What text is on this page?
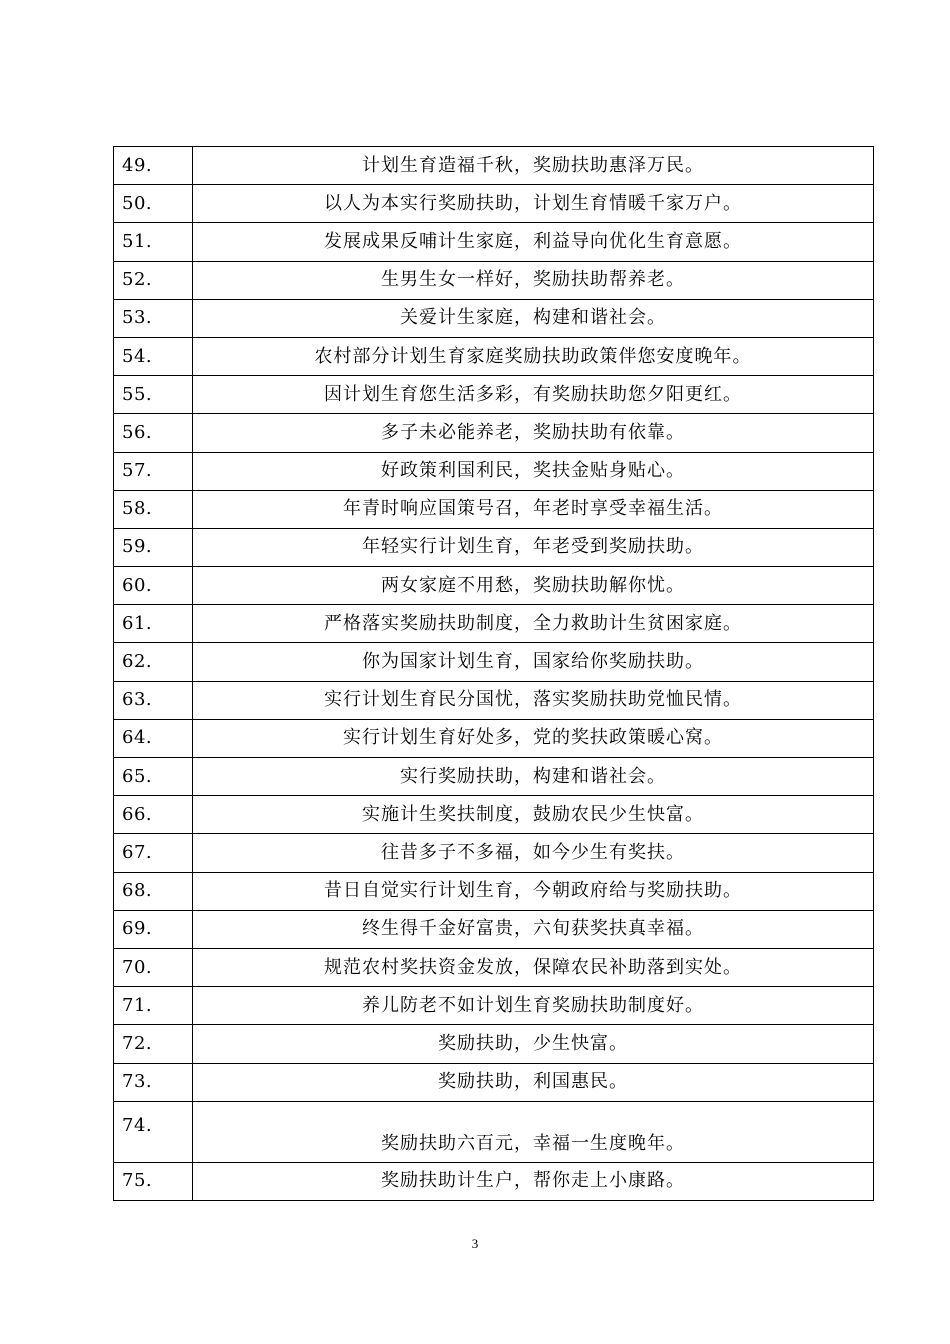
49.	计划生育造福千秋，奖励扶助惠泽万民。
50.	以人为本实行奖励扶助，计划生育情暖千家万户。
51.	发展成果反哺计生家庭，利益导向优化生育意愿。
52.	生男生女一样好，奖励扶助帮养老。
53.	关爱计生家庭，构建和谐社会。
54.	农村部分计划生育家庭奖励扶助政策伴您安度晚年。
55.	因计划生育您生活多彩，有奖励扶助您夕阳更红。
56.	多子未必能养老，奖励扶助有依靠。
57.	好政策利国利民，奖扶金贴身贴心。
58.	年青时响应国策号召，年老时享受幸福生活。
59.	年轻实行计划生育，年老受到奖励扶助。
60.	两女家庭不用愁，奖励扶助解你忧。
61.	严格落实奖励扶助制度，全力救助计生贫困家庭。
62.	你为国家计划生育，国家给你奖励扶助。
63.	实行计划生育民分国忧，落实奖励扶助党恤民情。
64.	实行计划生育好处多，党的奖扶政策暖心窝。
65.	实行奖励扶助，构建和谐社会。
66.	实施计生奖扶制度，鼓励农民少生快富。
67.	往昔多子不多福，如今少生有奖扶。
68.	昔日自觉实行计划生育，今朝政府给与奖励扶助。
69.	终生得千金好富贵，六旬获奖扶真幸福。
70.	规范农村奖扶资金发放，保障农民补助落到实处。
71.	养儿防老不如计划生育奖励扶助制度好。
72.	奖励扶助，少生快富。
73.	奖励扶助，利国惠民。
74.	奖励扶助六百元，幸福一生度晚年。
75.	奖励扶助计生户，帮你走上小康路。
3
